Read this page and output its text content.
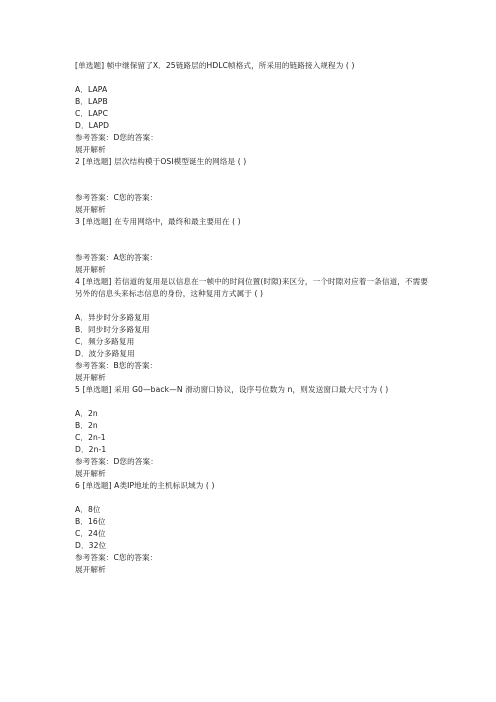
[单选题] 帧中继保留了X．25链路层的HDLC帧格式，所采用的链路接入规程为 ( )
A．LAPA
B．LAPB
C．LAPC
D．LAPD
参考答案：D您的答案：
展开解析
2 [单选题] 层次结构模于OSI模型诞生的网络是 ( )
参考答案：C您的答案：
展开解析
3 [单选题] 在专用网络中，最终和最主要用在 ( )
参考答案：A您的答案：
展开解析
4 [单选题] 若信道的复用是以信息在一帧中的时间位置(时隙)来区分，一个时隙对应着一条信道，不需要另外的信息头来标志信息的身份，这种复用方式属于 ( )
A．异步时分多路复用
B．同步时分多路复用
C．频分多路复用
D．波分多路复用
参考答案：B您的答案：
展开解析
5 [单选题] 采用 G0—back—N 滑动窗口协议，设序号位数为 n，则发送窗口最大尺寸为 ( )
A．2n
B．2n
C．2n-1
D．2n-1
参考答案：D您的答案：
展开解析
6 [单选题] A类IP地址的主机标识域为 ( )
A．8位
B．16位
C．24位
D．32位
参考答案：C您的答案：
展开解析
